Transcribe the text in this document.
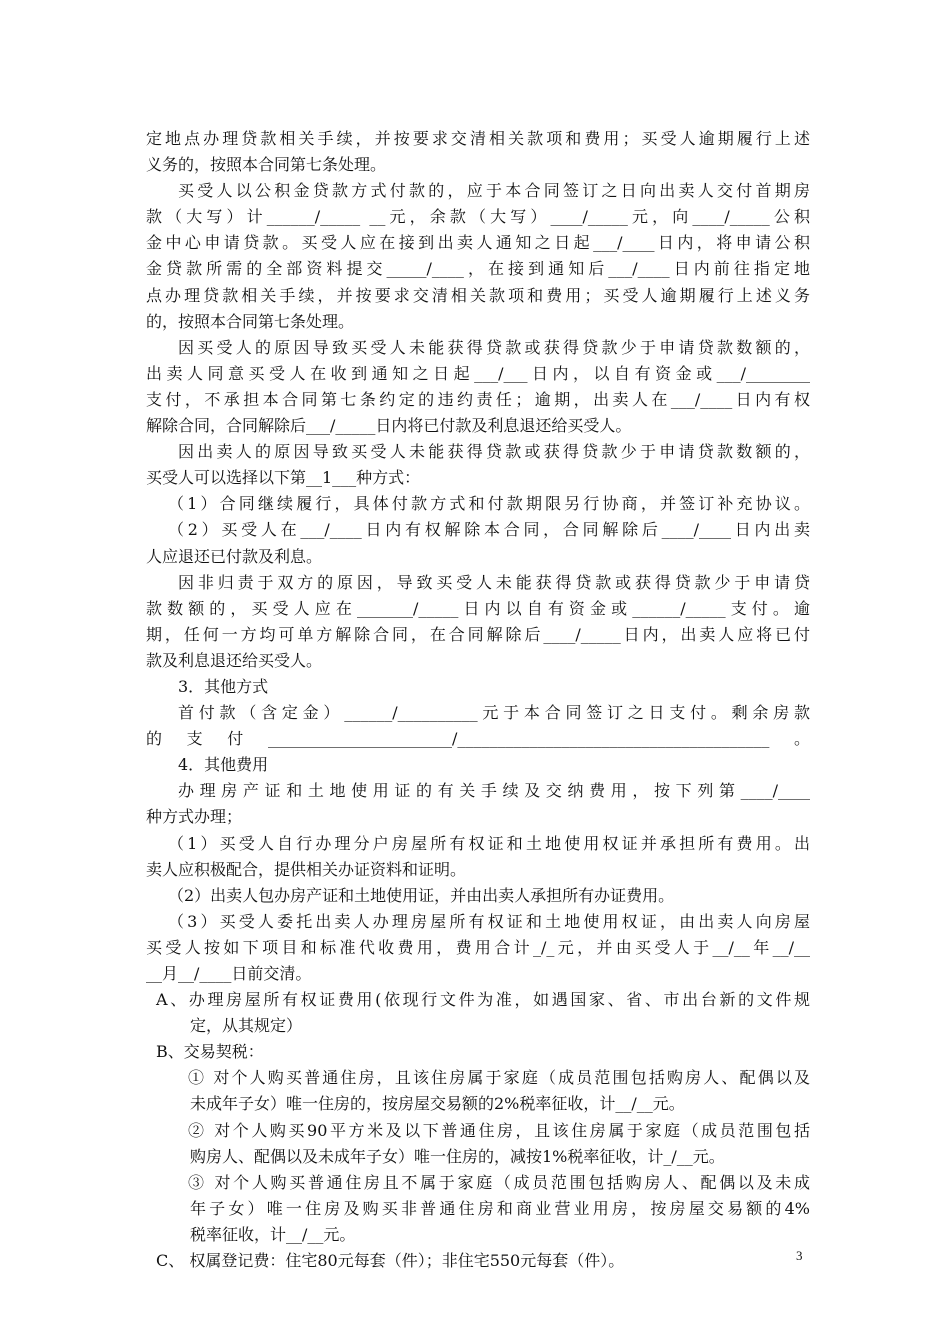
定地点办理贷款相关手续，并按要求交清相关款项和费用；买受人逾期履行上述
义务的，按照本合同第七条处理。
买受人以公积金贷款方式付款的，应于本合同签订之日向出卖人交付首期房
款（大写）计______/_____ __元，余款（大写）____/_____元，向____/_____公积
金中心申请贷款。买受人应在接到出卖人通知之日起___/____日内，将申请公积
金贷款所需的全部资料提交_____/____，在接到通知后___/____日内前往指定地
点办理贷款相关手续，并按要求交清相关款项和费用；买受人逾期履行上述义务
的，按照本合同第七条处理。
因买受人的原因导致买受人未能获得贷款或获得贷款少于申请贷款数额的，
出卖人同意买受人在收到通知之日起___/___日内，以自有资金或___/________
支付，不承担本合同第七条约定的违约责任；逾期，出卖人在___/____日内有权
解除合同，合同解除后___/_____日内将已付款及利息退还给买受人。
因出卖人的原因导致买受人未能获得贷款或获得贷款少于申请贷款数额的，
买受人可以选择以下第__1___种方式：
（1）合同继续履行，具体付款方式和付款期限另行协商，并签订补充协议。
（2）买受人在___/____日内有权解除本合同，合同解除后____/____日内出卖
人应退还已付款及利息。
因非归责于双方的原因，导致买受人未能获得贷款或获得贷款少于申请贷
款数额的，买受人应在_______/_____日内以自有资金或______/_____支付。逾
期，任何一方均可单方解除合同，在合同解除后____/_____日内，出卖人应将已付
款及利息退还给买受人。
3．其他方式
首付款（含定金）______/__________元于本合同签订之日支付。剩余房款
的支付_______________________/_______________________________________。
4．其他费用
办理房产证和土地使用证的有关手续及交纳费用，按下列第____/____
种方式办理；
（1）买受人自行办理分户房屋所有权证和土地使用权证并承担所有费用。出
卖人应积极配合，提供相关办证资料和证明。
（2）出卖人包办房产证和土地使用证，并由出卖人承担所有办证费用。
（3）买受人委托出卖人办理房屋所有权证和土地使用权证，由出卖人向房屋
买受人按如下项目和标准代收费用，费用合计_/_元，并由买受人于__/__年__/__
__月__/____日前交清。
A、办理房屋所有权证费用(依现行文件为准，如遇国家、省、市出台新的文件规
定，从其规定）
B、交易契税：
① 对个人购买普通住房，且该住房属于家庭（成员范围包括购房人、配偶以及
未成年子女）唯一住房的，按房屋交易额的2%税率征收，计__/__元。
② 对个人购买90平方米及以下普通住房，且该住房属于家庭（成员范围包括
购房人、配偶以及未成年子女）唯一住房的，减按1%税率征收，计_/__元。
③ 对个人购买普通住房且不属于家庭（成员范围包括购房人、配偶以及未成
年子女）唯一住房及购买非普通住房和商业营业用房，按房屋交易额的4%
税率征收，计__/__元。
C、 权属登记费：住宅80元每套（件）；非住宅550元每套（件）。	3
